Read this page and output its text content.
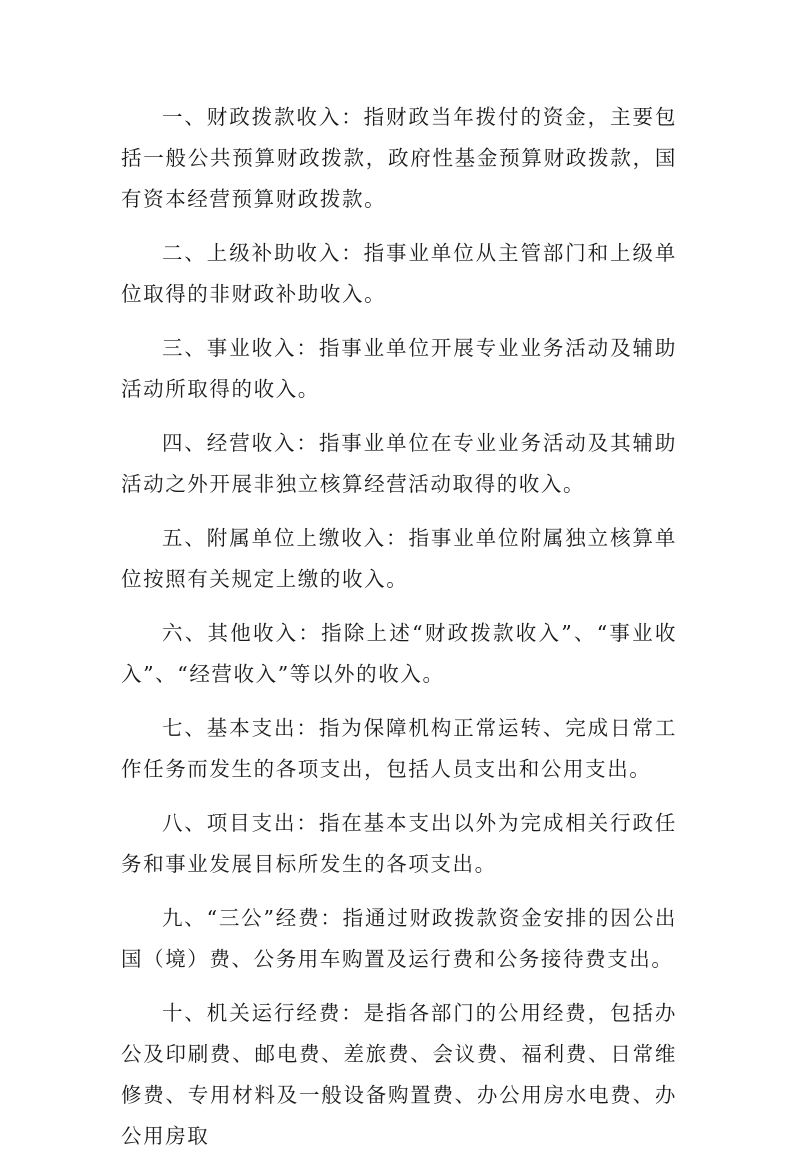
一、财政拨款收入：指财政当年拨付的资金，主要包括一般公共预算财政拨款，政府性基金预算财政拨款，国有资本经营预算财政拨款。

二、上级补助收入：指事业单位从主管部门和上级单位取得的非财政补助收入。

三、事业收入：指事业单位开展专业业务活动及辅助活动所取得的收入。

四、经营收入：指事业单位在专业业务活动及其辅助活动之外开展非独立核算经营活动取得的收入。

五、附属单位上缴收入：指事业单位附属独立核算单位按照有关规定上缴的收入。

六、其他收入：指除上述“财政拨款收入”、“事业收入”、“经营收入”等以外的收入。

七、基本支出：指为保障机构正常运转、完成日常工作任务而发生的各项支出，包括人员支出和公用支出。

八、项目支出：指在基本支出以外为完成相关行政任务和事业发展目标所发生的各项支出。

九、“三公”经费：指通过财政拨款资金安排的因公出国（境）费、公务用车购置及运行费和公务接待费支出。

十、机关运行经费：是指各部门的公用经费，包括办公及印刷费、邮电费、差旅费、会议费、福利费、日常维修费、专用材料及一般设备购置费、办公用房水电费、办公用房取
